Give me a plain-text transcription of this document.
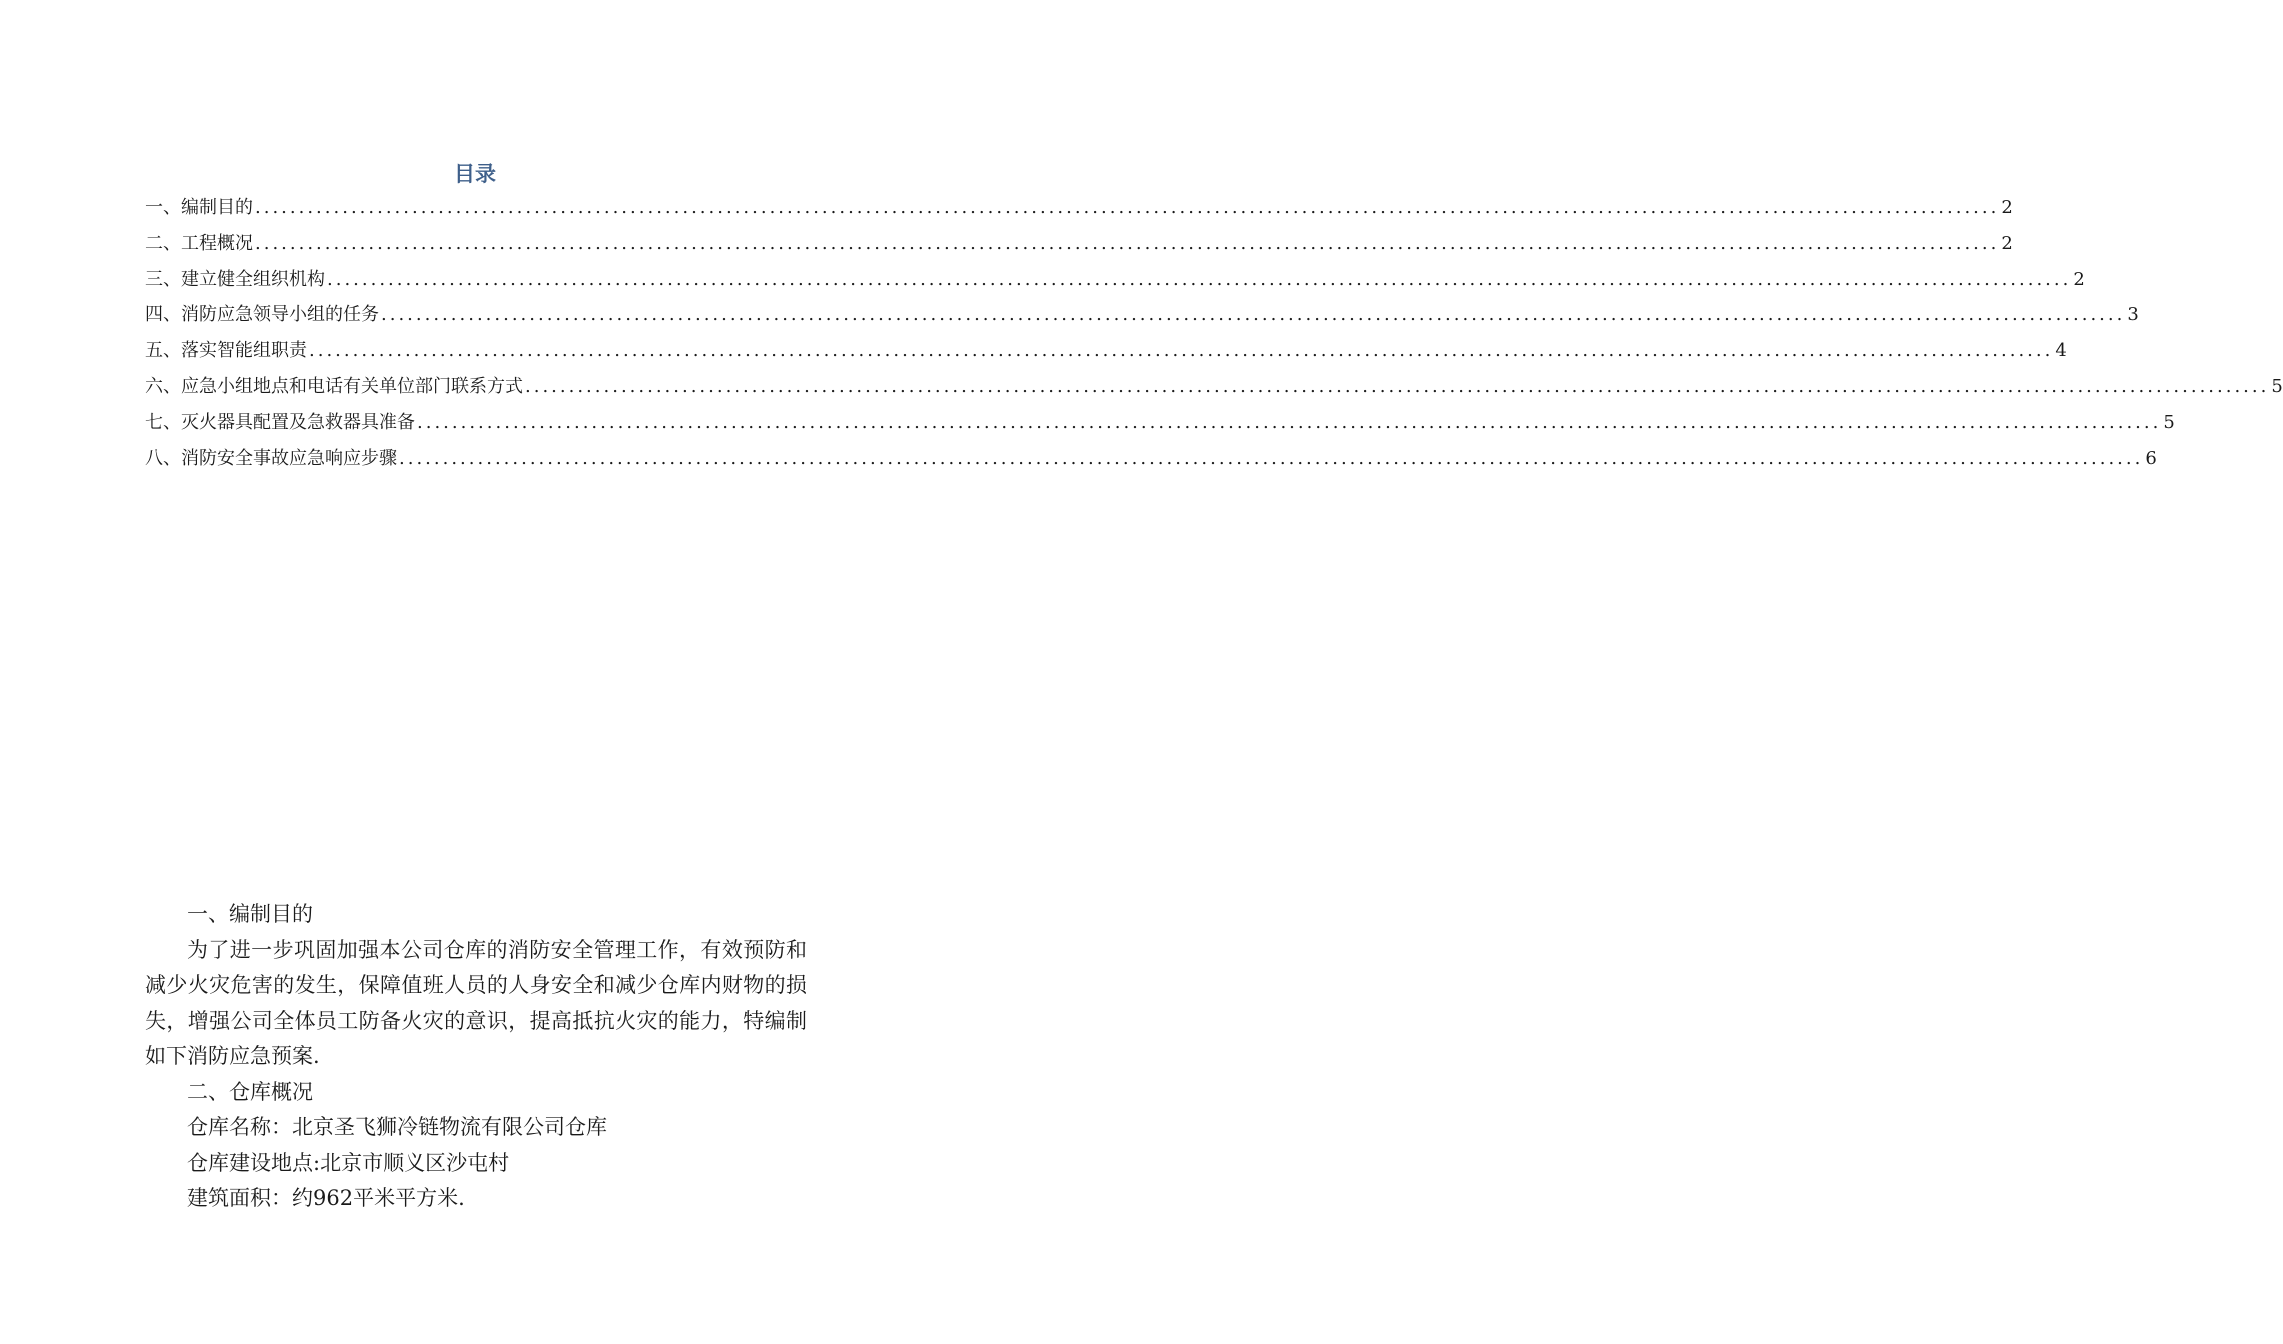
目录
一、编制目的 ........................................................................................................................................................................................................ 2
二、工程概况 ........................................................................................................................................................................................................ 2
三、建立健全组织机构 ........................................................................................................................................................................................................ 2
四、消防应急领导小组的任务 ........................................................................................................................................................................................................ 3
五、落实智能组职责 ........................................................................................................................................................................................................ 4
六、应急小组地点和电话有关单位部门联系方式 ........................................................................................................................................................................................................ 5
七、灭火器具配置及急救器具准备 ........................................................................................................................................................................................................ 5
八、消防安全事故应急响应步骤 ........................................................................................................................................................................................................ 6

一、编制目的

为了进一步巩固加强本公司仓库的消防安全管理工作，有效预防和减少火灾危害的发生，保障值班人员的人身安全和减少仓库内财物的损失，增强公司全体员工防备火灾的意识，提高抵抗火灾的能力，特编制如下消防应急预案.

二、仓库概况

仓库名称：北京圣飞狮冷链物流有限公司仓库

仓库建设地点:北京市顺义区沙屯村

建筑面积：约962平米平方米.
